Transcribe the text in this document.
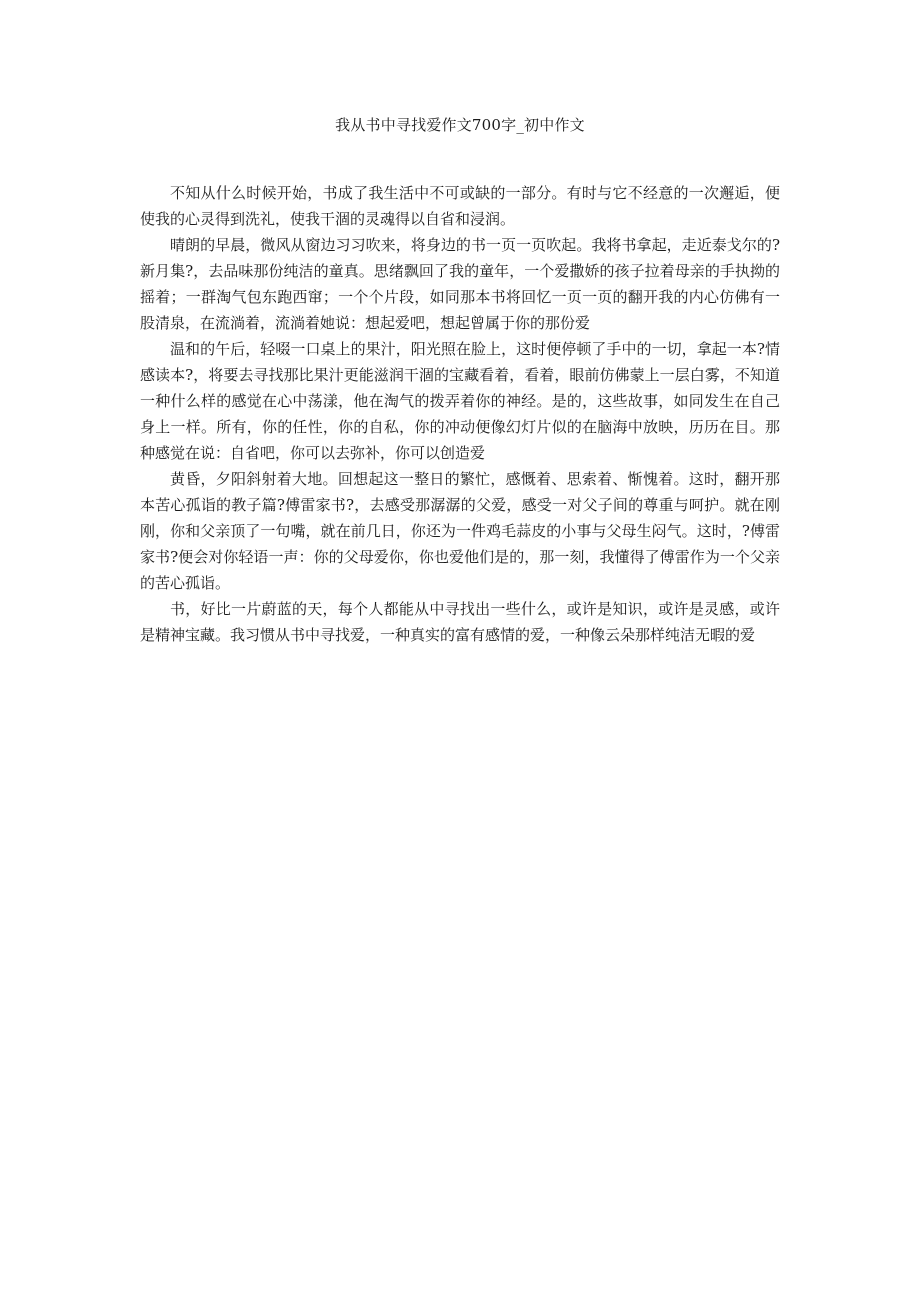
我从书中寻找爱作文700字_初中作文

不知从什么时候开始，书成了我生活中不可或缺的一部分。有时与它不经意的一次邂逅，便使我的心灵得到洗礼，使我干涸的灵魂得以自省和浸润。

晴朗的早晨，微风从窗边习习吹来，将身边的书一页一页吹起。我将书拿起，走近泰戈尔的?新月集?，去品味那份纯洁的童真。思绪飘回了我的童年，一个爱撒娇的孩子拉着母亲的手执拗的摇着；一群淘气包东跑西窜；一个个片段，如同那本书将回忆一页一页的翻开我的内心仿佛有一股清泉，在流淌着，流淌着她说：想起爱吧，想起曾属于你的那份爱

温和的午后，轻啜一口桌上的果汁，阳光照在脸上，这时便停顿了手中的一切，拿起一本?情感读本?，将要去寻找那比果汁更能滋润干涸的宝藏看着，看着，眼前仿佛蒙上一层白雾，不知道一种什么样的感觉在心中荡漾，他在淘气的拨弄着你的神经。是的，这些故事，如同发生在自己身上一样。所有，你的任性，你的自私，你的冲动便像幻灯片似的在脑海中放映，历历在目。那种感觉在说：自省吧，你可以去弥补，你可以创造爱

黄昏，夕阳斜射着大地。回想起这一整日的繁忙，感慨着、思索着、惭愧着。这时，翻开那本苦心孤诣的教子篇?傅雷家书?，去感受那潺潺的父爱，感受一对父子间的尊重与呵护。就在刚刚，你和父亲顶了一句嘴，就在前几日，你还为一件鸡毛蒜皮的小事与父母生闷气。这时，?傅雷家书?便会对你轻语一声：你的父母爱你，你也爱他们是的，那一刻，我懂得了傅雷作为一个父亲的苦心孤诣。

书，好比一片蔚蓝的天，每个人都能从中寻找出一些什么，或许是知识，或许是灵感，或许是精神宝藏。我习惯从书中寻找爱，一种真实的富有感情的爱，一种像云朵那样纯洁无暇的爱
